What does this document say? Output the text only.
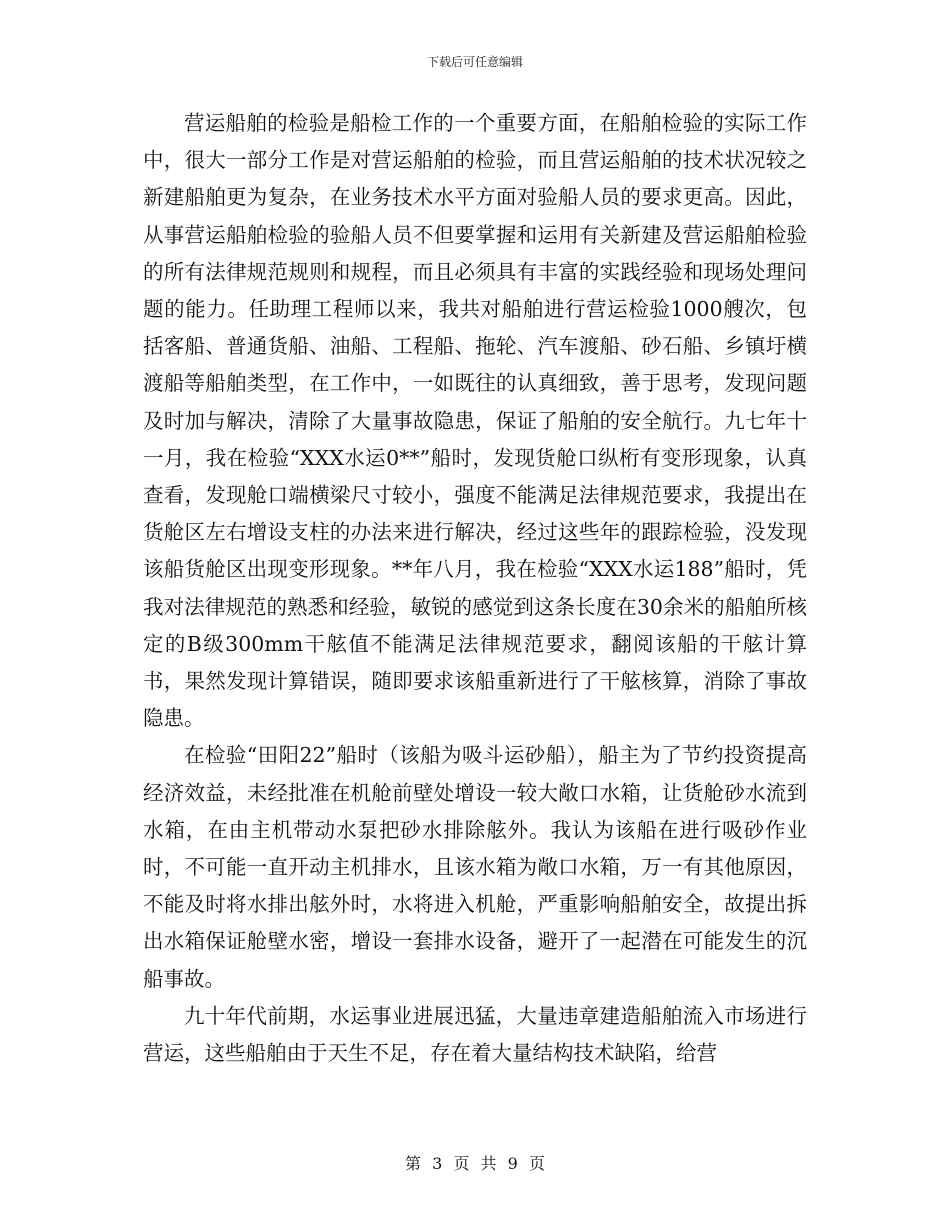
下载后可任意编辑

营运船舶的检验是船检工作的一个重要方面，在船舶检验的实际工作中，很大一部分工作是对营运船舶的检验，而且营运船舶的技术状况较之新建船舶更为复杂，在业务技术水平方面对验船人员的要求更高。因此，从事营运船舶检验的验船人员不但要掌握和运用有关新建及营运船舶检验的所有法律规范规则和规程，而且必须具有丰富的实践经验和现场处理问题的能力。任助理工程师以来，我共对船舶进行营运检验1000艘次，包括客船、普通货船、油船、工程船、拖轮、汽车渡船、砂石船、乡镇圩横渡船等船舶类型，在工作中，一如既往的认真细致，善于思考，发现问题及时加与解决，清除了大量事故隐患，保证了船舶的安全航行。九七年十一月，我在检验“XXX水运0**”船时，发现货舱口纵桁有变形现象，认真查看，发现舱口端横梁尺寸较小，强度不能满足法律规范要求，我提出在货舱区左右增设支柱的办法来进行解决，经过这些年的跟踪检验，没发现该船货舱区出现变形现象。**年八月，我在检验“XXX水运188”船时，凭我对法律规范的熟悉和经验，敏锐的感觉到这条长度在30余米的船舶所核定的B级300mm干舷值不能满足法律规范要求，翻阅该船的干舷计算书，果然发现计算错误，随即要求该船重新进行了干舷核算，消除了事故隐患。

在检验“田阳22”船时（该船为吸斗运砂船），船主为了节约投资提高经济效益，未经批准在机舱前壁处增设一较大敞口水箱，让货舱砂水流到水箱，在由主机带动水泵把砂水排除舷外。我认为该船在进行吸砂作业时，不可能一直开动主机排水，且该水箱为敞口水箱，万一有其他原因，不能及时将水排出舷外时，水将进入机舱，严重影响船舶安全，故提出拆出水箱保证舱壁水密，增设一套排水设备，避开了一起潜在可能发生的沉船事故。

九十年代前期，水运事业进展迅猛，大量违章建造船舶流入市场进行营运，这些船舶由于天生不足，存在着大量结构技术缺陷，给营

第 3 页 共 9 页
